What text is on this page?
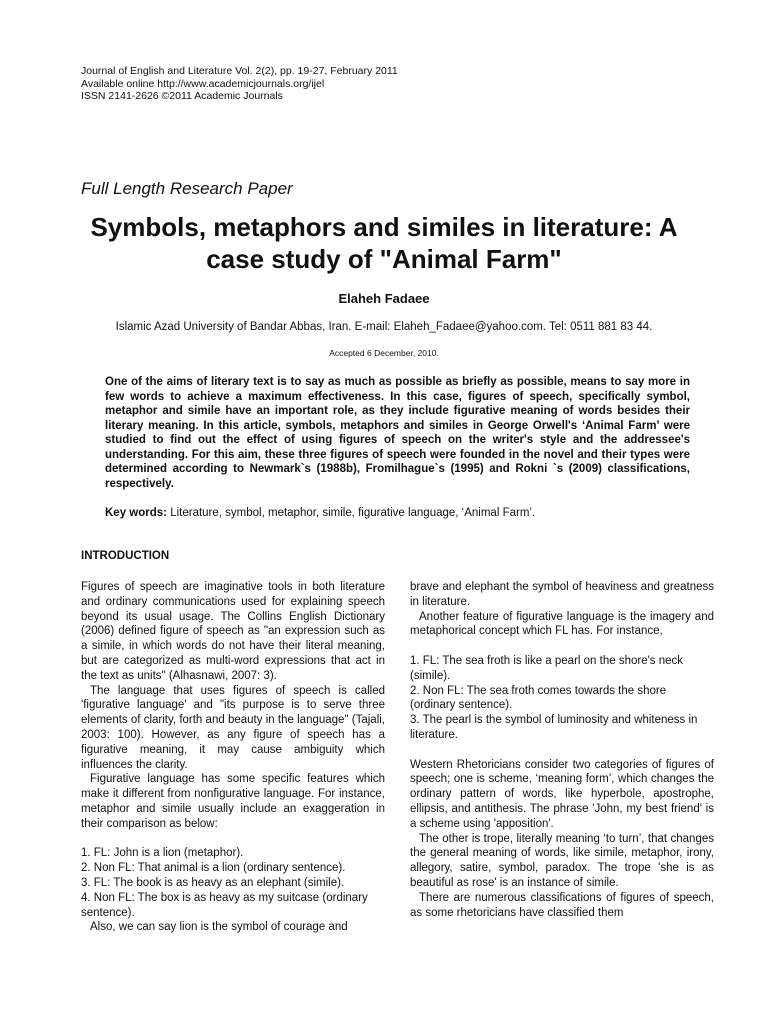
Journal of English and Literature Vol. 2(2), pp. 19-27, February 2011
Available online http://www.academicjournals.org/ijel
ISSN 2141-2626 ©2011 Academic Journals
Full Length Research Paper
Symbols, metaphors and similes in literature: A case study of "Animal Farm"
Elaheh Fadaee
Islamic Azad University of Bandar Abbas, Iran. E-mail: Elaheh_Fadaee@yahoo.com. Tel: 0511 881 83 44.
Accepted 6 December, 2010.

One of the aims of literary text is to say as much as possible as briefly as possible, means to say more in few words to achieve a maximum effectiveness. In this case, figures of speech, specifically symbol, metaphor and simile have an important role, as they include figurative meaning of words besides their literary meaning. In this article, symbols, metaphors and similes in George Orwell's ‘Animal Farm’ were studied to find out the effect of using figures of speech on the writer's style and the addressee's understanding. For this aim, these three figures of speech were founded in the novel and their types were determined according to Newmark`s (1988b), Fromilhague`s (1995) and Rokni `s (2009) classifications, respectively.

Key words: Literature, symbol, metaphor, simile, figurative language, ‘Animal Farm’.
INTRODUCTION

Figures of speech are imaginative tools in both literature and ordinary communications used for explaining speech beyond its usual usage. The Collins English Dictionary (2006) defined figure of speech as "an expression such as a simile, in which words do not have their literal meaning, but are categorized as multi-word expressions that act in the text as units" (Alhasnawi, 2007: 3).

The language that uses figures of speech is called 'figurative language' and "its purpose is to serve three elements of clarity, forth and beauty in the language" (Tajali, 2003: 100). However, as any figure of speech has a figurative meaning, it may cause ambiguity which influences the clarity.

Figurative language has some specific features which make it different from nonfigurative language. For instance, metaphor and simile usually include an exaggeration in their comparison as below:

1. FL: John is a lion (metaphor).

2. Non FL: That animal is a lion (ordinary sentence).

3. FL: The book is as heavy as an elephant (simile).

4. Non FL: The box is as heavy as my suitcase (ordinary sentence).

Also, we can say lion is the symbol of courage and

brave and elephant the symbol of heaviness and greatness in literature.

Another feature of figurative language is the imagery and metaphorical concept which FL has. For instance,

1. FL: The sea froth is like a pearl on the shore's neck (simile).

2. Non FL: The sea froth comes towards the shore (ordinary sentence).

3. The pearl is the symbol of luminosity and whiteness in literature.

Western Rhetoricians consider two categories of figures of speech; one is scheme, ‘meaning form’, which changes the ordinary pattern of words, like hyperbole, apostrophe, ellipsis, and antithesis. The phrase 'John, my best friend' is a scheme using 'apposition'.

The other is trope, literally meaning ‘to turn’, that changes the general meaning of words, like simile, metaphor, irony, allegory, satire, symbol, paradox. The trope 'she is as beautiful as rose' is an instance of simile.

There are numerous classifications of figures of speech, as some rhetoricians have classified them
